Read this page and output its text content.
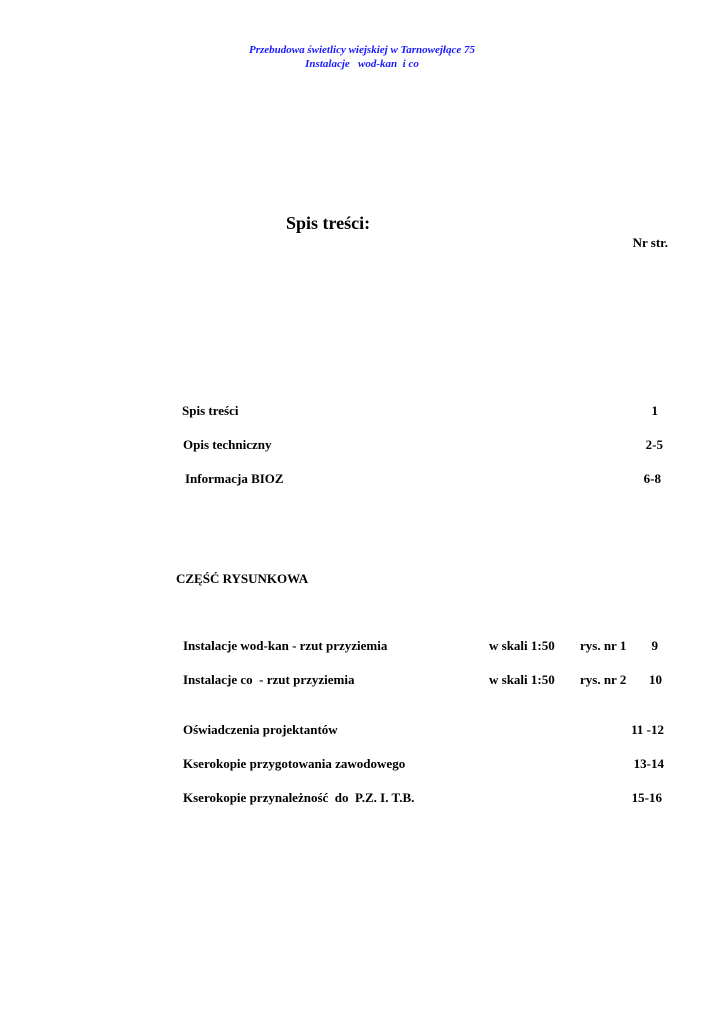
Przebudowa świetlicy wiejskiej w Tarnowejłące 75
Instalacje   wod-kan  i co
Spis treści:
Nr str.
Spis treści	1
Opis techniczny	2-5
Informacja BIOZ	6-8
CZĘŚĆ RYSUNKOWA
Instalacje wod-kan - rzut przyziemia	w skali 1:50 rys. nr 1 9
Instalacje co  - rzut przyziemia	w skali 1:50 rys. nr 2 10
Oświadczenia projektantów	11 -12
Kserokopie przygotowania zawodowego	13-14
Kserokopie przynależność  do  P.Z. I. T.B.	15-16
